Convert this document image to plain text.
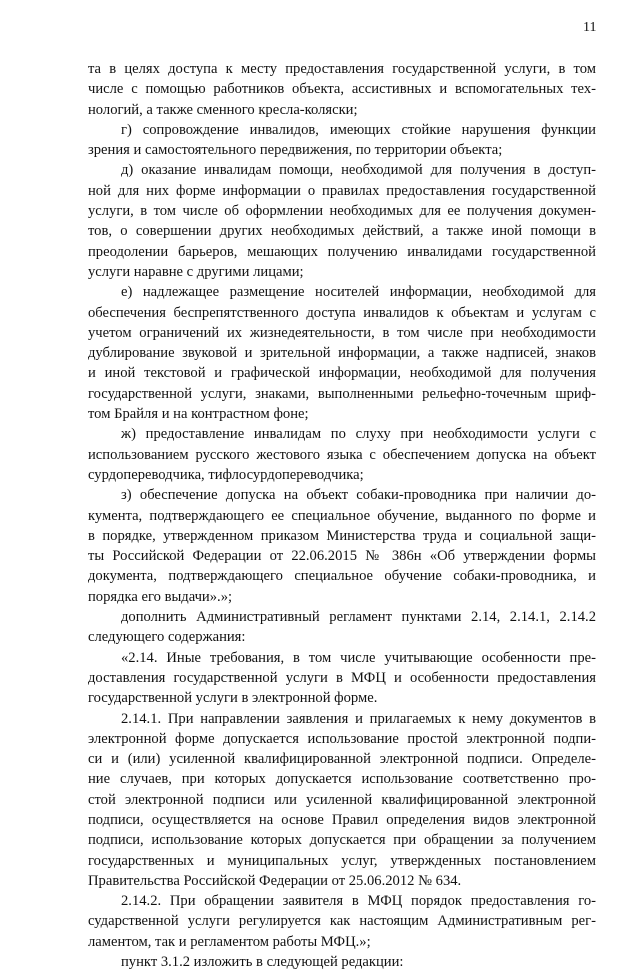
11
та в целях доступа к месту предоставления государственной услуги, в том
числе с помощью работников объекта, ассистивных и вспомогательных тех-
нологий, а также сменного кресла-коляски;
г) сопровождение инвалидов, имеющих стойкие нарушения функции
зрения и самостоятельного передвижения, по территории объекта;
д) оказание инвалидам помощи, необходимой для получения в доступ-
ной для них форме информации о правилах предоставления государственной
услуги, в том числе об оформлении необходимых для ее получения докумен-
тов, о совершении других необходимых действий, а также иной помощи в
преодолении барьеров, мешающих получению инвалидами государственной
услуги наравне с другими лицами;
е) надлежащее размещение носителей информации, необходимой для
обеспечения беспрепятственного доступа инвалидов к объектам и услугам с
учетом ограничений их жизнедеятельности, в том числе при необходимости
дублирование звуковой и зрительной информации, а также надписей, знаков
и иной текстовой и графической информации, необходимой для получения
государственной услуги, знаками, выполненными рельефно-точечным шриф-
том Брайля и на контрастном фоне;
ж) предоставление инвалидам по слуху при необходимости услуги с
использованием русского жестового языка с обеспечением допуска на объект
сурдопереводчика, тифлосурдопереводчика;
з) обеспечение допуска на объект собаки-проводника при наличии до-
кумента, подтверждающего ее специальное обучение, выданного по форме и
в порядке, утвержденном приказом Министерства труда и социальной защи-
ты Российской Федерации от 22.06.2015 № 386н «Об утверждении формы
документа, подтверждающего специальное обучение собаки-проводника, и
порядка его выдачи».»;
дополнить Административный регламент пунктами 2.14, 2.14.1, 2.14.2
следующего содержания:
«2.14. Иные требования, в том числе учитывающие особенности пре-
доставления государственной услуги в МФЦ и особенности предоставления
государственной услуги в электронной форме.
2.14.1. При направлении заявления и прилагаемых к нему документов в
электронной форме допускается использование простой электронной подпи-
си и (или) усиленной квалифицированной электронной подписи. Определе-
ние случаев, при которых допускается использование соответственно про-
стой электронной подписи или усиленной квалифицированной электронной
подписи, осуществляется на основе Правил определения видов электронной
подписи, использование которых допускается при обращении за получением
государственных и муниципальных услуг, утвержденных постановлением
Правительства Российской Федерации от 25.06.2012 № 634.
2.14.2. При обращении заявителя в МФЦ порядок предоставления го-
сударственной услуги регулируется как настоящим Административным рег-
ламентом, так и регламентом работы МФЦ.»;
пункт 3.1.2 изложить в следующей редакции:
